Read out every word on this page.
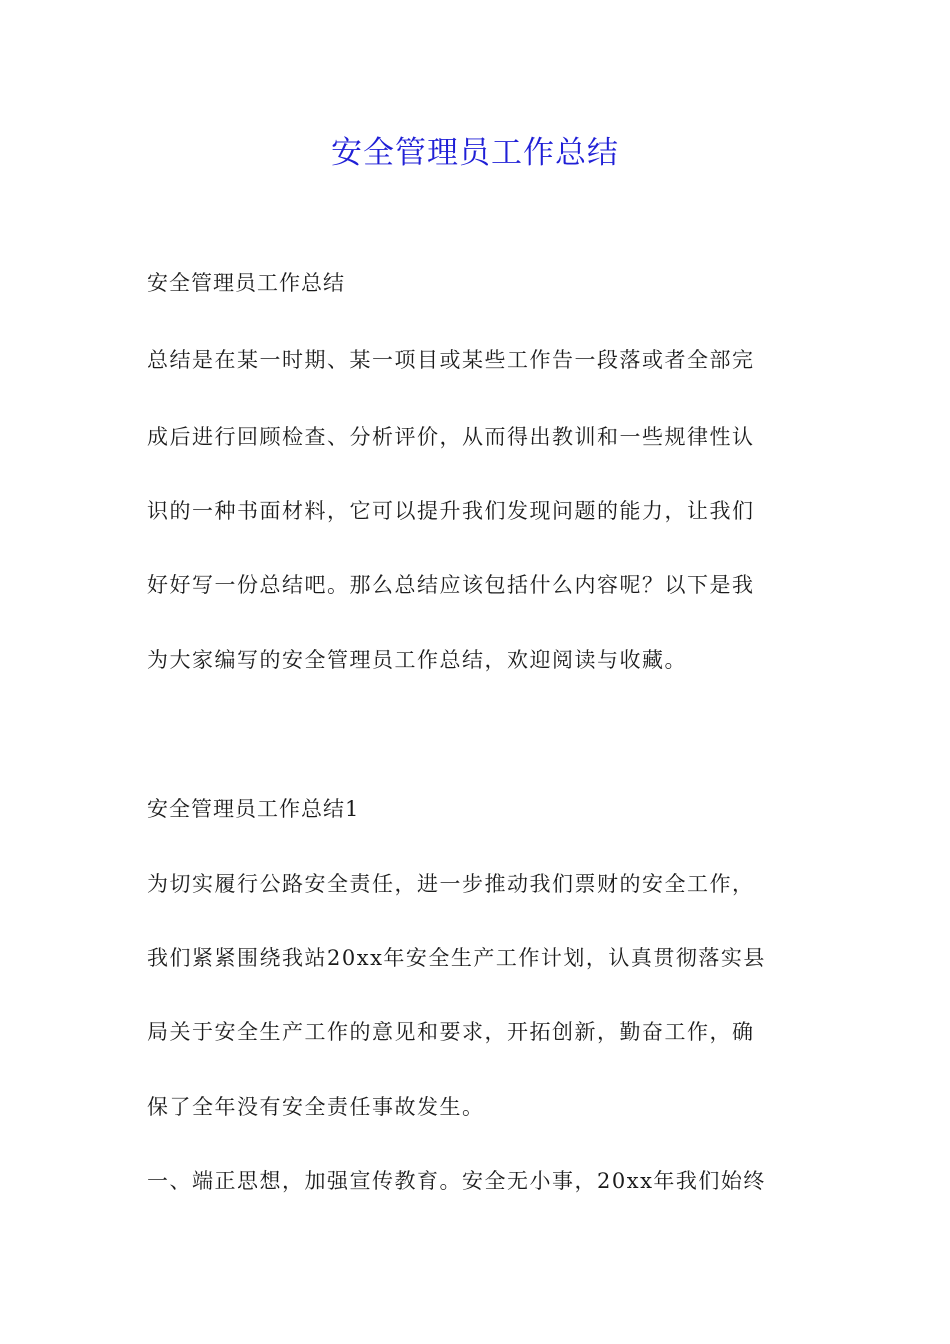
安全管理员工作总结

安全管理员工作总结

总结是在某一时期、某一项目或某些工作告一段落或者全部完

成后进行回顾检查、分析评价，从而得出教训和一些规律性认

识的一种书面材料，它可以提升我们发现问题的能力，让我们

好好写一份总结吧。那么总结应该包括什么内容呢？以下是我

为大家编写的安全管理员工作总结，欢迎阅读与收藏。

安全管理员工作总结1

为切实履行公路安全责任，进一步推动我们票财的安全工作，

我们紧紧围绕我站20xx年安全生产工作计划，认真贯彻落实县

局关于安全生产工作的意见和要求，开拓创新，勤奋工作，确

保了全年没有安全责任事故发生。

一、端正思想，加强宣传教育。安全无小事，20xx年我们始终
